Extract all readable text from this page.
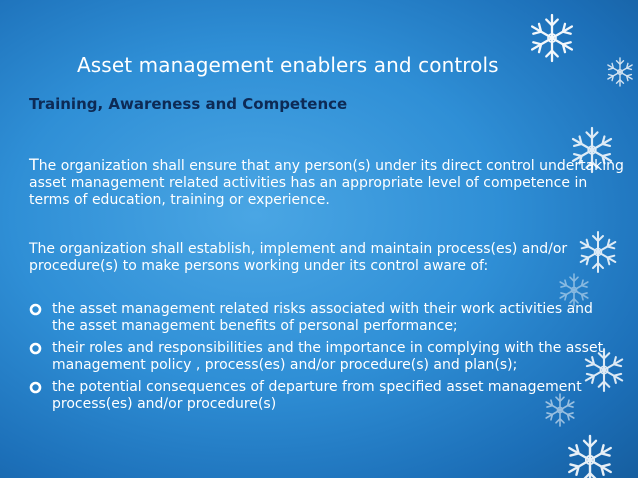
Asset management enablers and controls
Training, Awareness and Competence

The organization shall ensure that any person(s) under its direct control undertaking asset management related activities has an appropriate level of competence in terms of education, training or experience.

The organization shall establish, implement and maintain process(es) and/or procedure(s) to make persons working under its control aware of:

the asset management related risks associated with their work activities and the asset management benefits of personal performance;
their roles and responsibilities and the importance in complying with the asset management policy , process(es) and/or procedure(s) and plan(s);
the potential consequences of departure from specified asset management process(es) and/or procedure(s)
